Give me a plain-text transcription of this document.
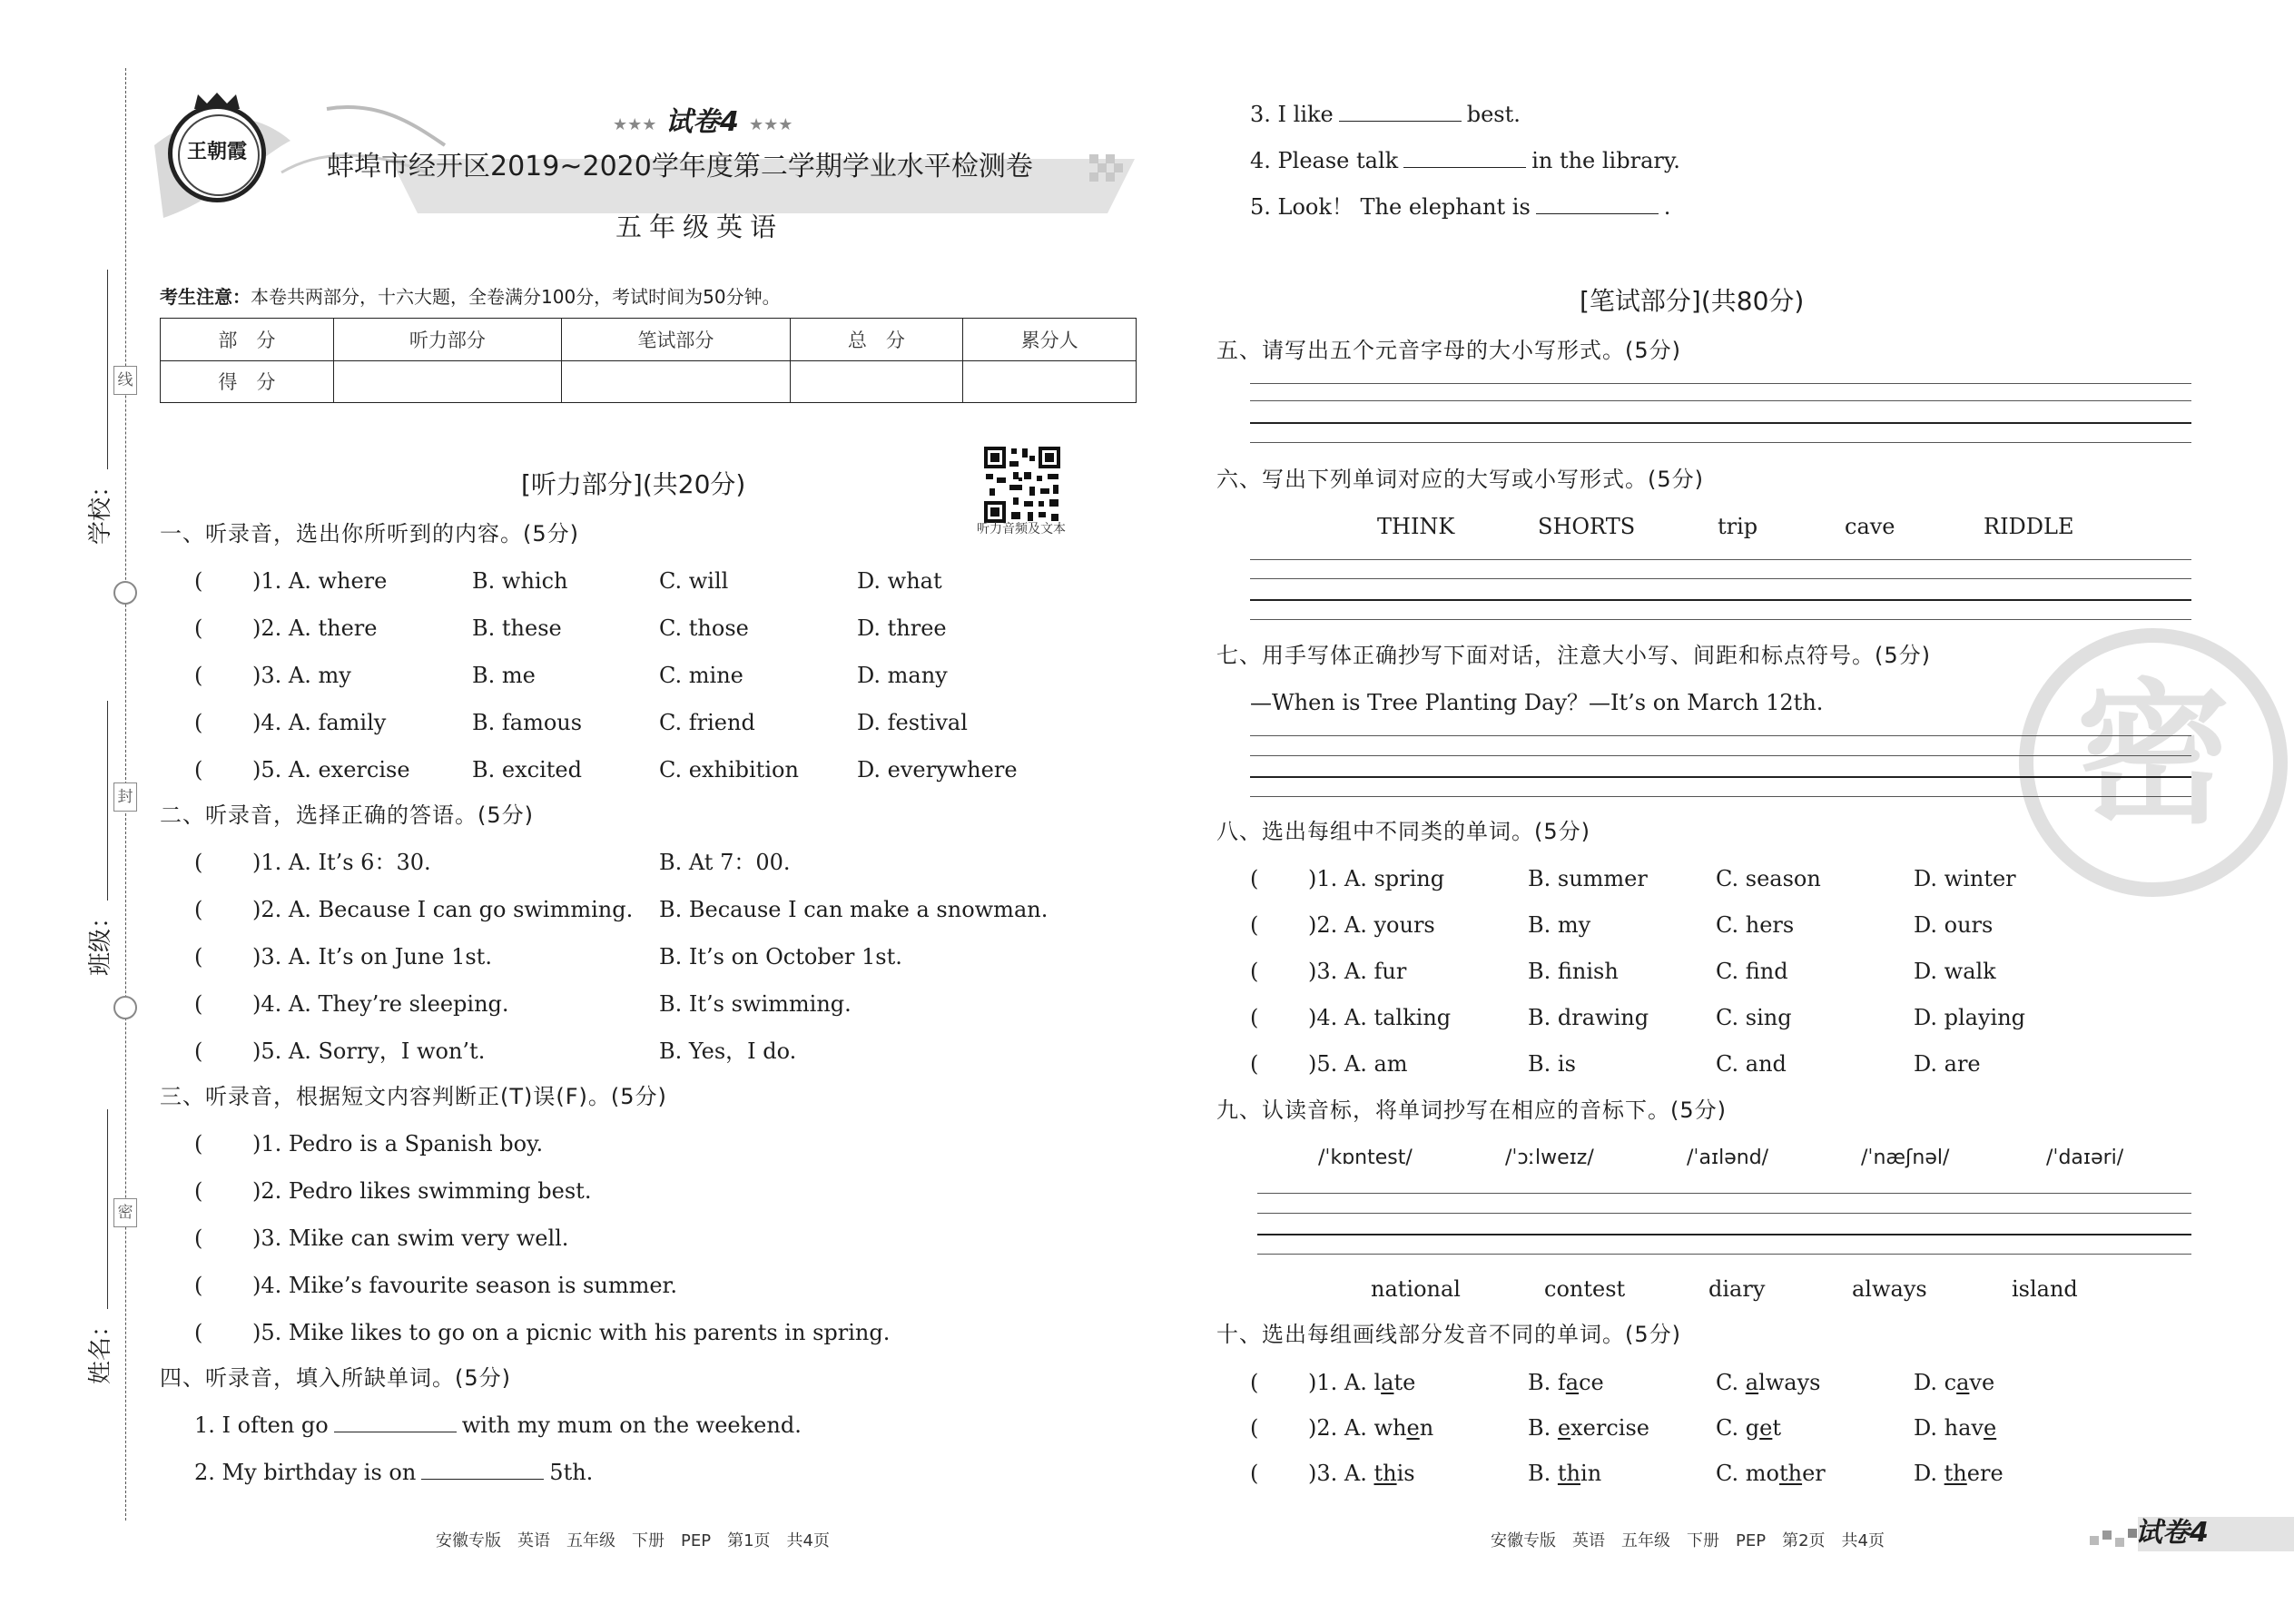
线
封
密
学校：
班级：
姓名：
王朝霞
★★★ 试卷4 ★★★
蚌埠市经开区2019~2020学年度第二学期学业水平检测卷
五年级英语
考生注意：本卷共两部分，十六大题，全卷满分100分，考试时间为50分钟。
部　分	听力部分	笔试部分	总　分	累分人
得　分				
听力音频及文本
[听力部分](共20分)
一、听录音，选出你所听到的内容。(5分)
( )1. A. where	B. which	C. will	D. what
( )2. A. there	B. these	C. those	D. three
( )3. A. my	B. me	C. mine	D. many
( )4. A. family	B. famous	C. friend	D. festival
( )5. A. exercise	B. excited	C. exhibition	D. everywhere
二、听录音，选择正确的答语。(5分)
( )1. A. It’s 6：30.	B. At 7：00.
( )2. A. Because I can go swimming. B. Because I can make a snowman.
( )3. A. It’s on June 1st.	B. It’s on October 1st.
( )4. A. They’re sleeping.	B. It’s swimming.
( )5. A. Sorry，I won’t.	B. Yes，I do.
三、听录音，根据短文内容判断正(T)误(F)。(5分)
( )1. Pedro is a Spanish boy.
( )2. Pedro likes swimming best.
( )3. Mike can swim very well.
( )4. Mike’s favourite season is summer.
( )5. Mike likes to go on a picnic with his parents in spring.
四、听录音，填入所缺单词。(5分)
1. I often go	with my mum on the weekend.
2. My birthday is on	5th.
安徽专版　英语　五年级　下册　PEP　第1页　共4页
密
3. I like	best.
4. Please talk	in the library.
5. Look！ The elephant is	.
[笔试部分](共80分)
五、请写出五个元音字母的大小写形式。(5分)
六、写出下列单词对应的大写或小写形式。(5分)
THINK	SHORTS	trip	cave	RIDDLE
七、用手写体正确抄写下面对话，注意大小写、间距和标点符号。(5分)
—When is Tree Planting Day？—It’s on March 12th.
八、选出每组中不同类的单词。(5分)
( )1. A. spring	B. summer	C. season	D. winter
( )2. A. yours	B. my	C. hers	D. ours
( )3. A. fur	B. finish	C. find	D. walk
( )4. A. talking	B. drawing	C. sing	D. playing
( )5. A. am	B. is	C. and	D. are
九、认读音标，将单词抄写在相应的音标下。(5分)
/ˈkɒntest/	/ˈɔːlweɪz/	/ˈaɪlənd/	/ˈnæʃnəl/	/ˈdaɪəri/
national	contest	diary	always	island
十、选出每组画线部分发音不同的单词。(5分)
( )1. A. late	B. face	C. always	D. cave
( )2. A. when	B. exercise	C. get	D. have
( )3. A. this	B. thin	C. mother	D. there
安徽专版　英语　五年级　下册　PEP　第2页　共4页	试卷4
